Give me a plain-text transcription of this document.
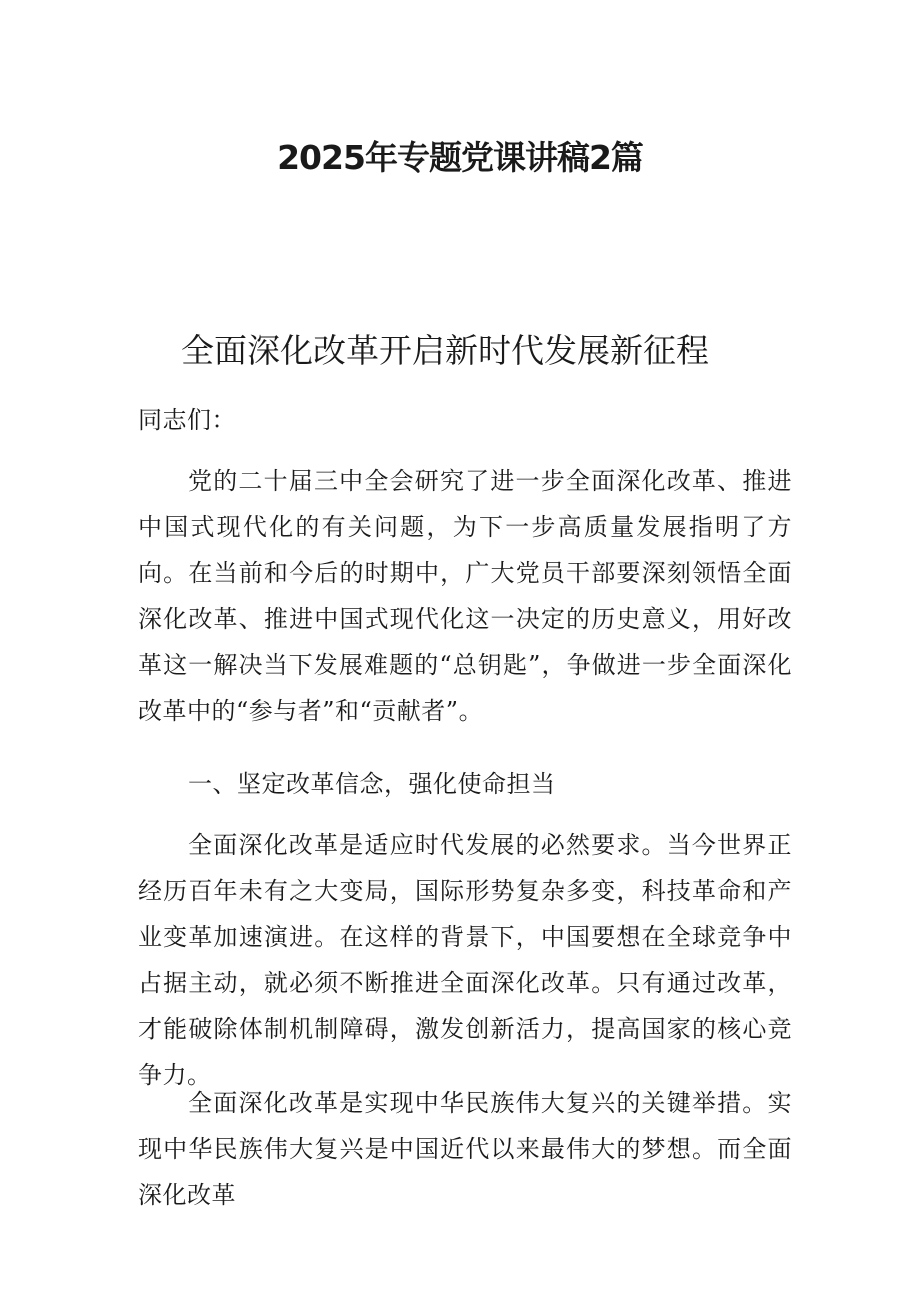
2025年专题党课讲稿2篇
全面深化改革开启新时代发展新征程

同志们：

党的二十届三中全会研究了进一步全面深化改革、推进中国式现代化的有关问题，为下一步高质量发展指明了方向。在当前和今后的时期中，广大党员干部要深刻领悟全面深化改革、推进中国式现代化这一决定的历史意义，用好改革这一解决当下发展难题的“总钥匙”，争做进一步全面深化改革中的“参与者”和“贡献者”。

一、坚定改革信念，强化使命担当

全面深化改革是适应时代发展的必然要求。当今世界正经历百年未有之大变局，国际形势复杂多变，科技革命和产业变革加速演进。在这样的背景下，中国要想在全球竞争中占据主动，就必须不断推进全面深化改革。只有通过改革，才能破除体制机制障碍，激发创新活力，提高国家的核心竞争力。

全面深化改革是实现中华民族伟大复兴的关键举措。实现中华民族伟大复兴是中国近代以来最伟大的梦想。而全面深化改革
